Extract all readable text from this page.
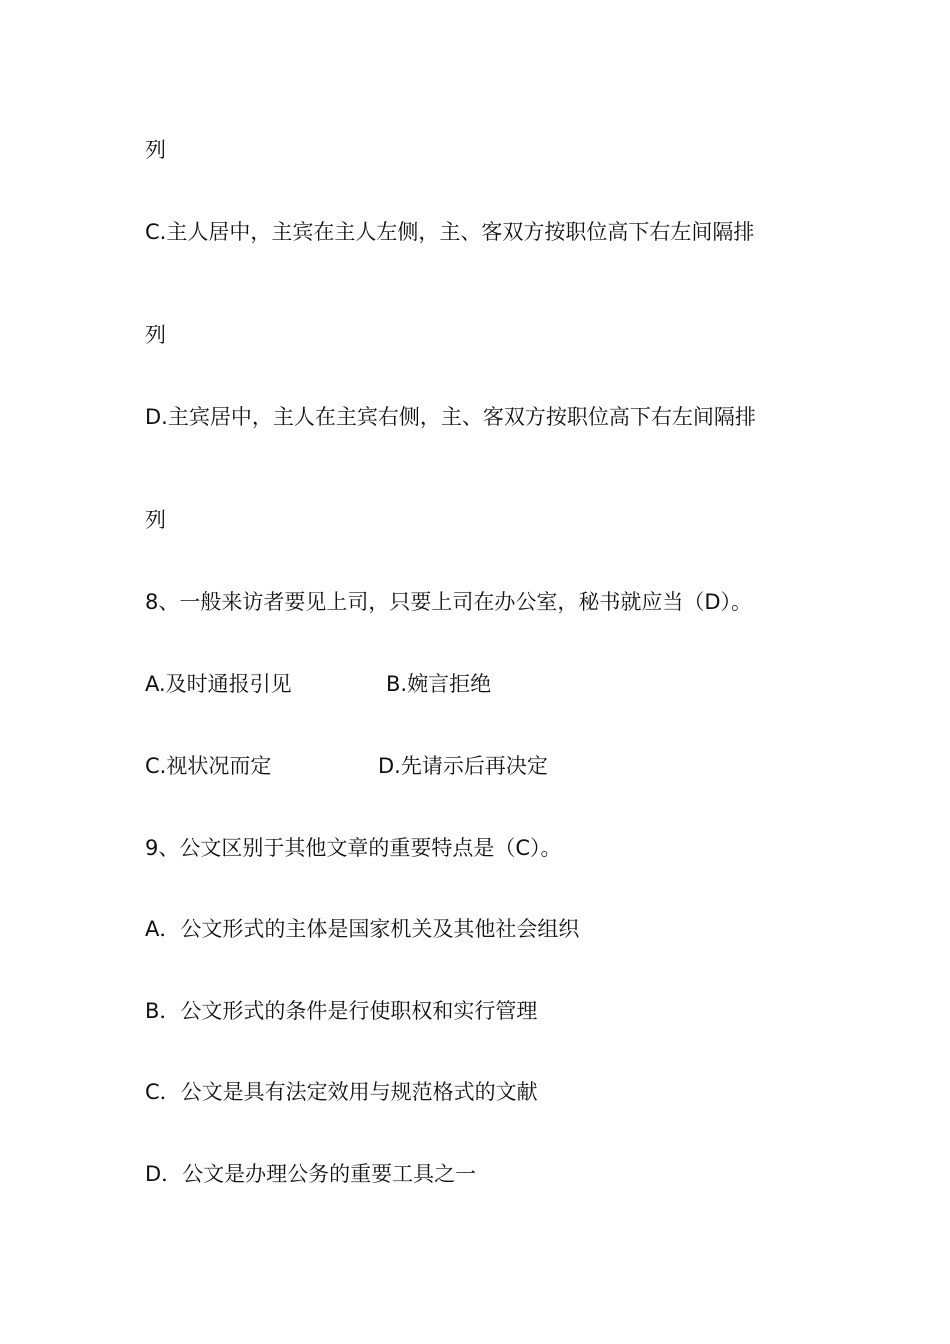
列
C.主人居中，主宾在主人左侧，主、客双方按职位高下右左间隔排
列
D.主宾居中，主人在主宾右侧，主、客双方按职位高下右左间隔排
列
8、一般来访者要见上司，只要上司在办公室，秘书就应当（D）。
A.及时通报引见	B.婉言拒绝
C.视状况而定	D.先请示后再决定
9、公文区别于其他文章的重要特点是（C）。
A．公文形式的主体是国家机关及其他社会组织
B．公文形式的条件是行使职权和实行管理
C．公文是具有法定效用与规范格式的文献
D．公文是办理公务的重要工具之一
